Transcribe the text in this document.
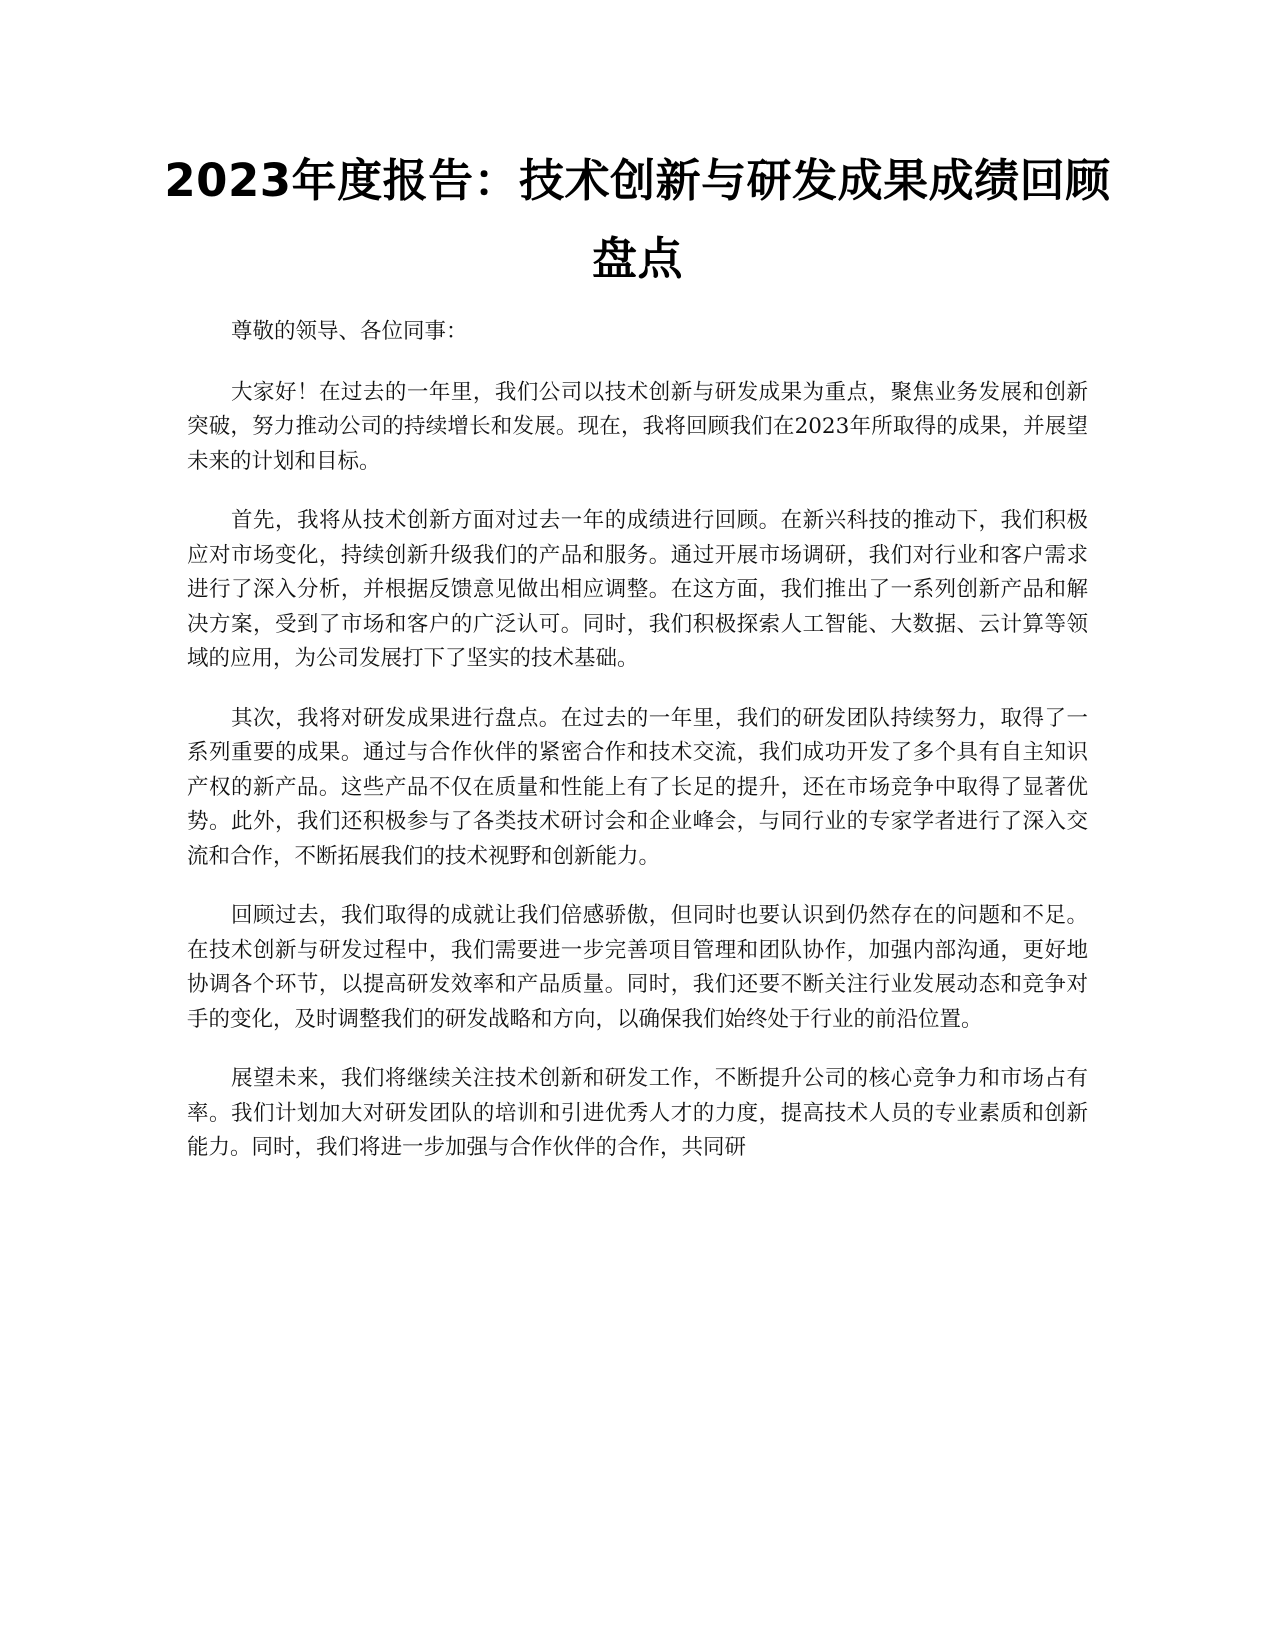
2023年度报告：技术创新与研发成果成绩回顾盘点

尊敬的领导、各位同事：

大家好！在过去的一年里，我们公司以技术创新与研发成果为重点，聚焦业务发展和创新突破，努力推动公司的持续增长和发展。现在，我将回顾我们在2023年所取得的成果，并展望未来的计划和目标。

首先，我将从技术创新方面对过去一年的成绩进行回顾。在新兴科技的推动下，我们积极应对市场变化，持续创新升级我们的产品和服务。通过开展市场调研，我们对行业和客户需求进行了深入分析，并根据反馈意见做出相应调整。在这方面，我们推出了一系列创新产品和解决方案，受到了市场和客户的广泛认可。同时，我们积极探索人工智能、大数据、云计算等领域的应用，为公司发展打下了坚实的技术基础。

其次，我将对研发成果进行盘点。在过去的一年里，我们的研发团队持续努力，取得了一系列重要的成果。通过与合作伙伴的紧密合作和技术交流，我们成功开发了多个具有自主知识产权的新产品。这些产品不仅在质量和性能上有了长足的提升，还在市场竞争中取得了显著优势。此外，我们还积极参与了各类技术研讨会和企业峰会，与同行业的专家学者进行了深入交流和合作，不断拓展我们的技术视野和创新能力。

回顾过去，我们取得的成就让我们倍感骄傲，但同时也要认识到仍然存在的问题和不足。在技术创新与研发过程中，我们需要进一步完善项目管理和团队协作，加强内部沟通，更好地协调各个环节，以提高研发效率和产品质量。同时，我们还要不断关注行业发展动态和竞争对手的变化，及时调整我们的研发战略和方向，以确保我们始终处于行业的前沿位置。

展望未来，我们将继续关注技术创新和研发工作，不断提升公司的核心竞争力和市场占有率。我们计划加大对研发团队的培训和引进优秀人才的力度，提高技术人员的专业素质和创新能力。同时，我们将进一步加强与合作伙伴的合作，共同研
